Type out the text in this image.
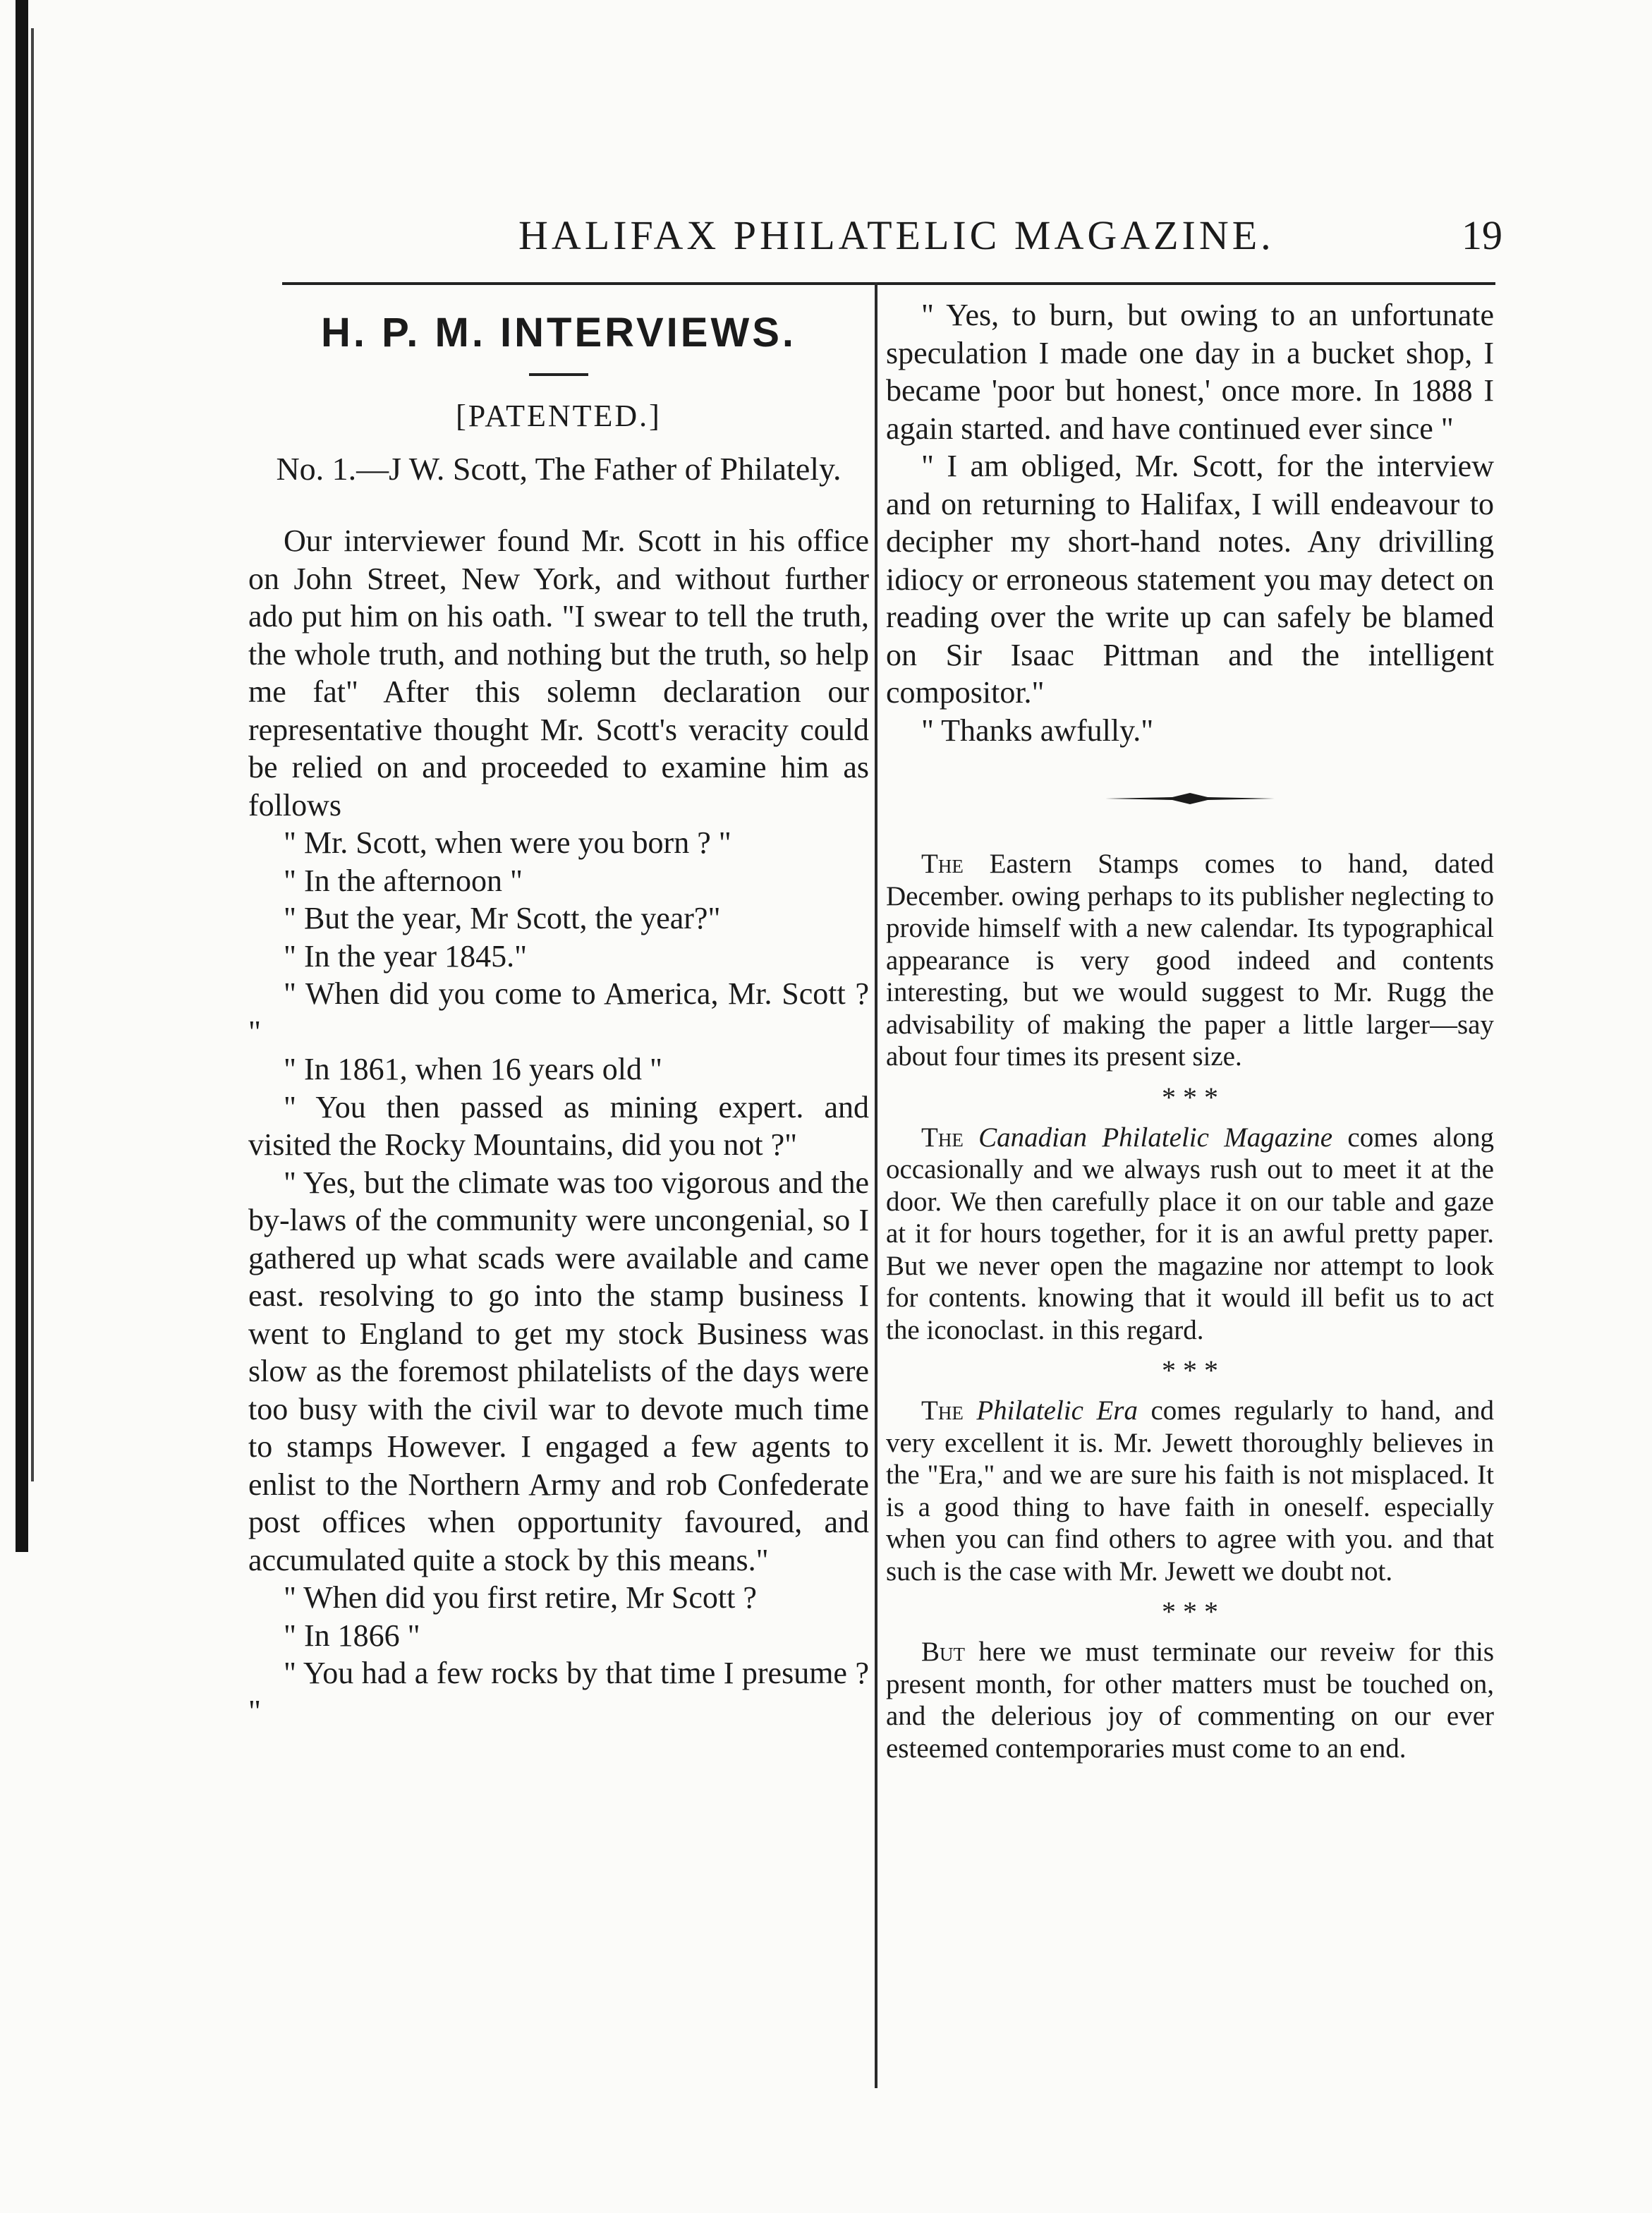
HALIFAX PHILATELIC MAGAZINE.	19
H. P. M. INTERVIEWS.
[PATENTED.]
No. 1.—J W. Scott, The Father of Philately.

Our interviewer found Mr. Scott in his office on John Street, New York, and without further ado put him on his oath. "I swear to tell the truth, the whole truth, and nothing but the truth, so help me fat" After this solemn declaration our representative thought Mr. Scott's veracity could be relied on and proceeded to examine him as follows

" Mr. Scott, when were you born ? "

" In the afternoon "

" But the year, Mr Scott, the year?"

" In the year 1845."

" When did you come to America, Mr. Scott ? "

" In 1861, when 16 years old "

" You then passed as mining expert. and visited the Rocky Mountains, did you not ?"

" Yes, but the climate was too vigorous and the by-laws of the community were uncongenial, so I gathered up what scads were available and came east. resolving to go into the stamp business I went to England to get my stock Business was slow as the foremost philatelists of the days were too busy with the civil war to devote much time to stamps However. I engaged a few agents to enlist to the Northern Army and rob Confederate post offices when opportunity favoured, and accumulated quite a stock by this means."

" When did you first retire, Mr Scott ?

" In 1866 "

" You had a few rocks by that time I presume ? "

" Yes, to burn, but owing to an unfortunate speculation I made one day in a bucket shop, I became 'poor but honest,' once more. In 1888 I again started. and have continued ever since "

" I am obliged, Mr. Scott, for the interview and on returning to Halifax, I will endeavour to decipher my short-hand notes. Any drivilling idiocy or erroneous statement you may detect on reading over the write up can safely be blamed on Sir Isaac Pittman and the intelligent compositor."

" Thanks awfully."

The Eastern Stamps comes to hand, dated December. owing perhaps to its publisher neglecting to provide himself with a new calendar. Its typographical appearance is very good indeed and contents interesting, but we would suggest to Mr. Rugg the advisability of making the paper a little larger—say about four times its present size.

* * *

The Canadian Philatelic Magazine comes along occasionally and we always rush out to meet it at the door. We then carefully place it on our table and gaze at it for hours together, for it is an awful pretty paper. But we never open the magazine nor attempt to look for contents. knowing that it would ill befit us to act the iconoclast. in this regard.

* * *

The Philatelic Era comes regularly to hand, and very excellent it is. Mr. Jewett thoroughly believes in the "Era," and we are sure his faith is not misplaced. It is a good thing to have faith in oneself. especially when you can find others to agree with you. and that such is the case with Mr. Jewett we doubt not.

* * *

But here we must terminate our reveiw for this present month, for other matters must be touched on, and the delerious joy of commenting on our ever esteemed contemporaries must come to an end.
